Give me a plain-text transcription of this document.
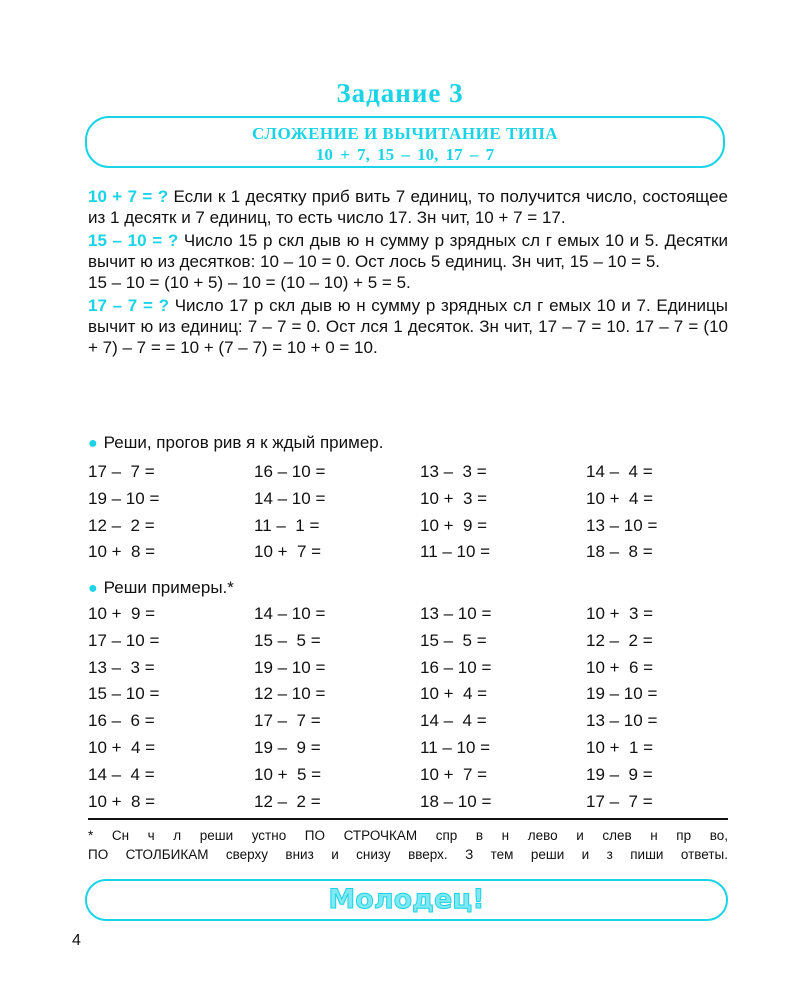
Задание 3
СЛОЖЕНИЕ И ВЫЧИТАНИЕ ТИПА
10 + 7, 15 – 10, 17 – 7

10 + 7 = ? Если к 1 десятку приб вить 7 единиц, то получится число, состоящее из 1 десятк и 7 единиц, то есть число 17. Зн чит, 10 + 7 = 17.

15 – 10 = ? Число 15 р скл дыв ю н сумму р зрядных сл г емых 10 и 5. Десятки вычит ю из десятков: 10 – 10 = 0. Ост лось 5 единиц. Зн чит, 15 – 10 = 5.
15 – 10 = (10 + 5) – 10 = (10 – 10) + 5 = 5.

17 – 7 = ? Число 17 р скл дыв ю н сумму р зрядных сл г емых 10 и 7. Единицы вычит ю из единиц: 7 – 7 = 0. Ост лся 1 десяток. Зн чит, 17 – 7 = 10. 17 – 7 = (10 + 7) – 7 = = 10 + (7 – 7) = 10 + 0 = 10.

● Реши, прогов рив я к ждый пример.
17 –  7 =	16 – 10 =	13 –  3 =	14 –  4 =
19 – 10 =	14 – 10 =	10 +  3 =	10 +  4 =
12 –  2 =	11 –  1 =	10 +  9 =	13 – 10 =
10 +  8 =	10 +  7 =	11 – 10 =	18 –  8 =
● Реши примеры.*
10 +  9 =	14 – 10 =	13 – 10 =	10 +  3 =
17 – 10 =	15 –  5 =	15 –  5 =	12 –  2 =
13 –  3 =	19 – 10 =	16 – 10 =	10 +  6 =
15 – 10 =	12 – 10 =	10 +  4 =	19 – 10 =
16 –  6 =	17 –  7 =	14 –  4 =	13 – 10 =
10 +  4 =	19 –  9 =	11 – 10 =	10 +  1 =
14 –  4 =	10 +  5 =	10 +  7 =	19 –  9 =
10 +  8 =	12 –  2 =	18 – 10 =	17 –  7 =
* Сн ч л реши устно ПО СТРОЧКАМ спр в н лево и слев н пр во,
ПО СТОЛБИКАМ сверху вниз и снизу вверх. З тем реши и з пиши ответы.
Молодец!
4
